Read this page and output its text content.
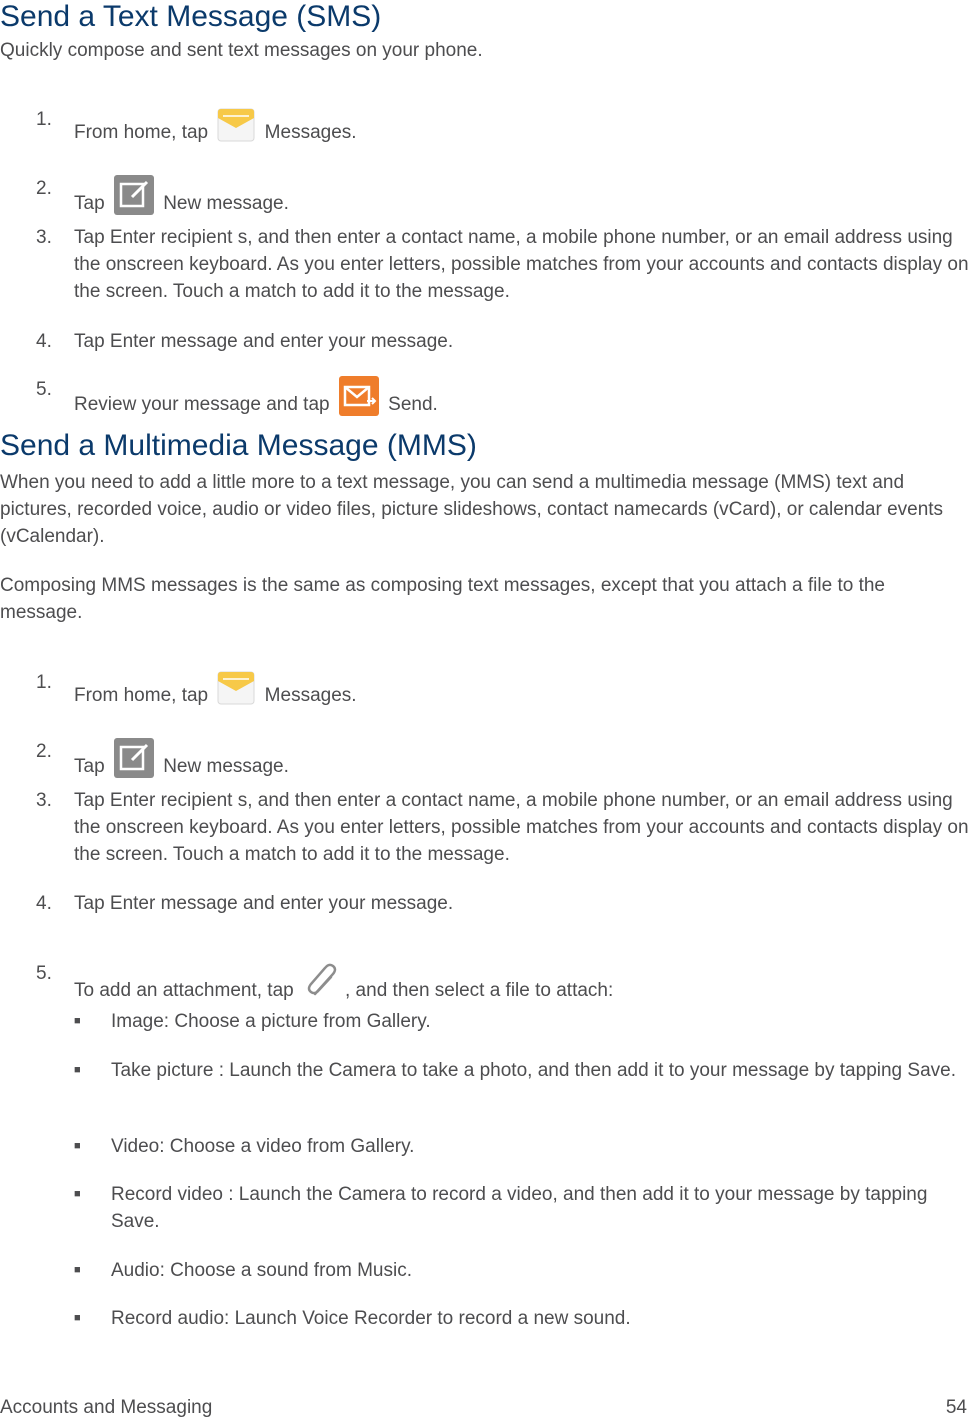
Send a Text Message (SMS)

Quickly compose and sent text messages on your phone.

1.
From home, tap	Messages.
2.
Tap	New message.
3. Tap Enter recipient s, and then enter a contact name, a mobile phone number, or an email address using the onscreen keyboard. As you enter letters, possible matches from your accounts and contacts display on the screen. Touch a match to add it to the message.
4. Tap Enter message and enter your message.
5.
Review your message and tap	Send.
Send a Multimedia Message (MMS)

When you need to add a little more to a text message, you can send a multimedia message (MMS) text and pictures, recorded voice, audio or video files, picture slideshows, contact namecards (vCard), or calendar events (vCalendar).

Composing MMS messages is the same as composing text messages, except that you attach a file to the message.

1.
From home, tap	Messages.
2.
Tap	New message.
3. Tap Enter recipient s, and then enter a contact name, a mobile phone number, or an email address using the onscreen keyboard. As you enter letters, possible matches from your accounts and contacts display on the screen. Touch a match to add it to the message.
4. Tap Enter message and enter your message.
5.
To add an attachment, tap	, and then select a file to attach:
■ Image: Choose a picture from Gallery.
■ Take picture : Launch the Camera to take a photo, and then add it to your message by tapping Save.
■ Video: Choose a video from Gallery.
■ Record video : Launch the Camera to record a video, and then add it to your message by tapping Save.
■ Audio: Choose a sound from Music.
■ Record audio: Launch Voice Recorder to record a new sound.
Accounts and Messaging	54
